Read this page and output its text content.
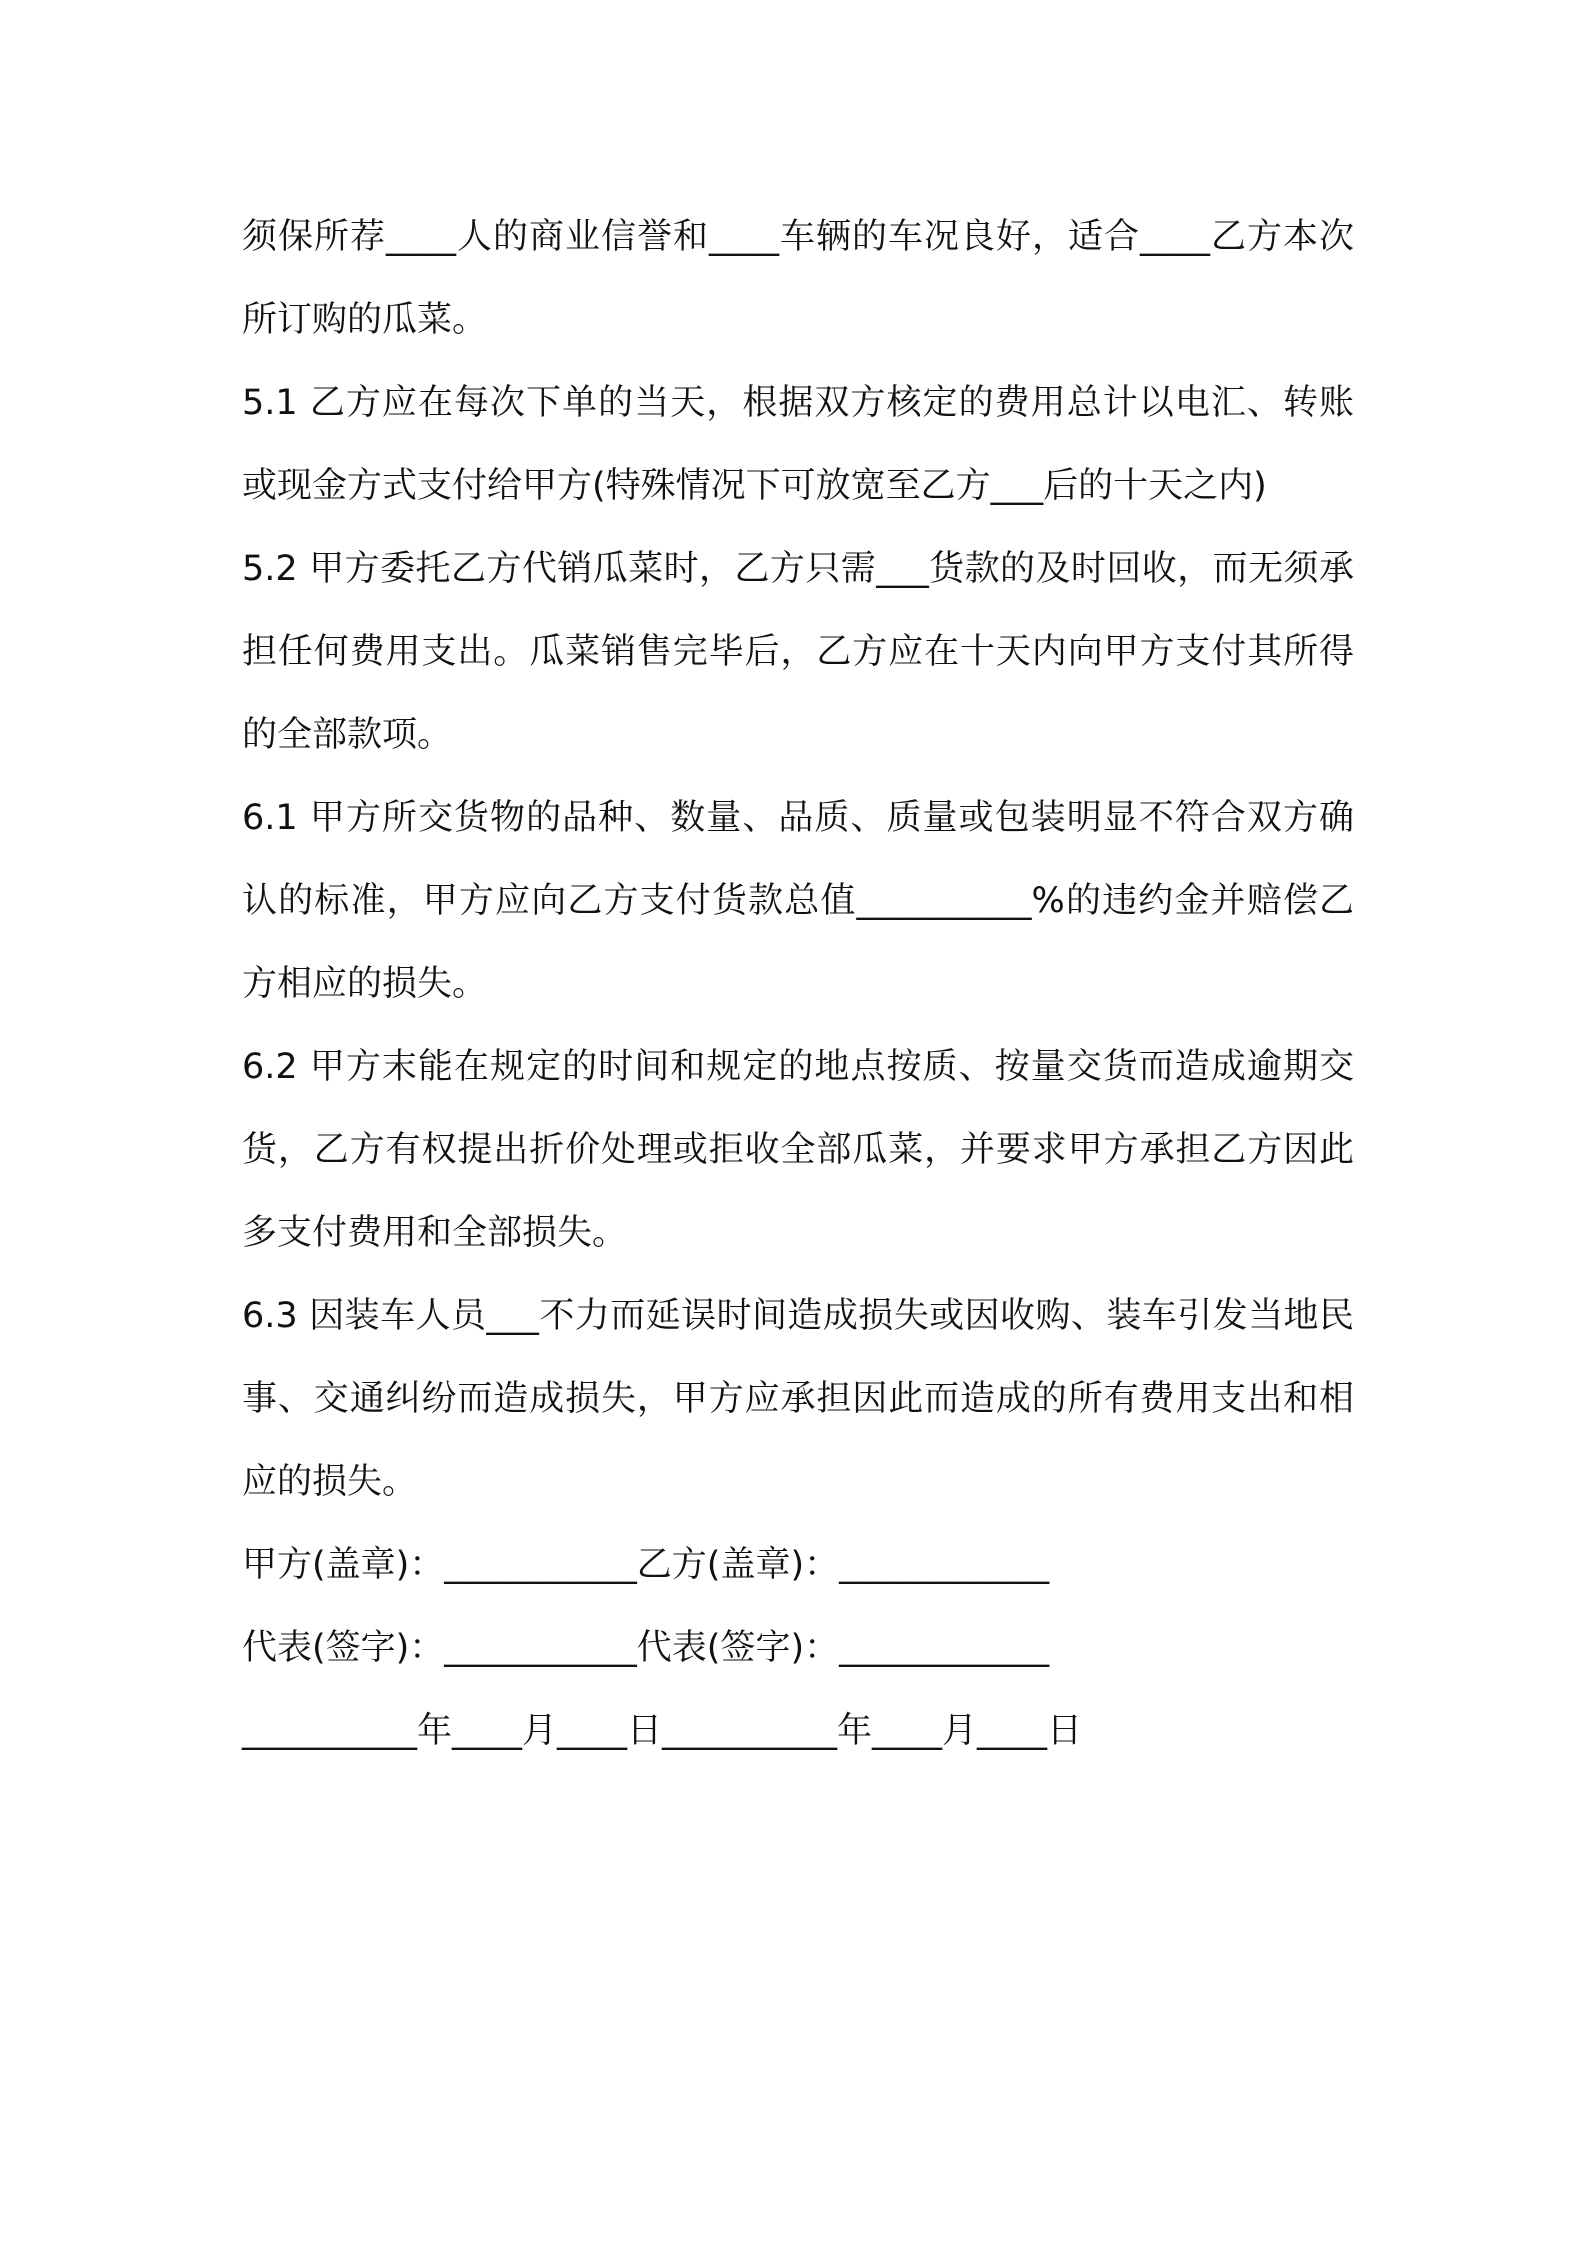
须保所荐____人的商业信誉和____车辆的车况良好，适合____乙方本次所订购的瓜菜。

5.1 乙方应在每次下单的当天，根据双方核定的费用总计以电汇、转账或现金方式支付给甲方(特殊情况下可放宽至乙方___后的十天之内)

5.2 甲方委托乙方代销瓜菜时，乙方只需___货款的及时回收，而无须承担任何费用支出。瓜菜销售完毕后，乙方应在十天内向甲方支付其所得的全部款项。

6.1 甲方所交货物的品种、数量、品质、质量或包装明显不符合双方确认的标准，甲方应向乙方支付货款总值__________%的违约金并赔偿乙方相应的损失。

6.2 甲方末能在规定的时间和规定的地点按质、按量交货而造成逾期交货，乙方有权提出折价处理或拒收全部瓜菜，并要求甲方承担乙方因此多支付费用和全部损失。

6.3 因装车人员___不力而延误时间造成损失或因收购、装车引发当地民事、交通纠纷而造成损失，甲方应承担因此而造成的所有费用支出和相应的损失。

甲方(盖章)：___________乙方(盖章)：____________

代表(签字)：___________代表(签字)：____________

__________年____月____日__________年____月____日
